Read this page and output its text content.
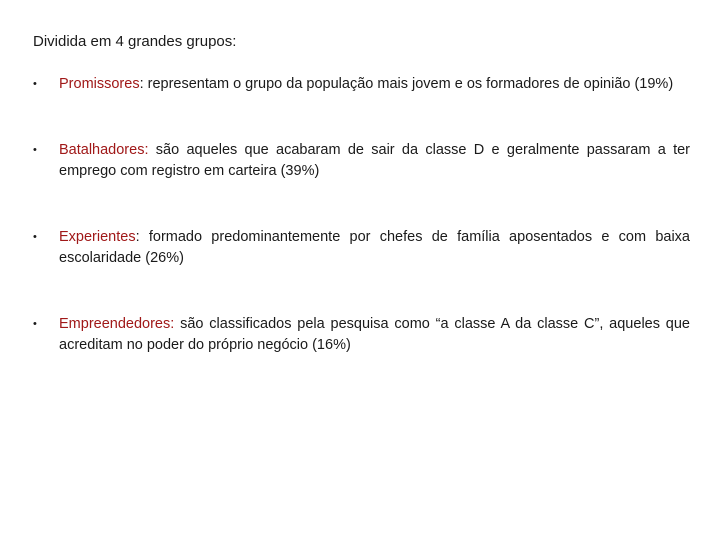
Dividida em 4 grandes grupos:
• Promissores: representam o grupo da população mais jovem e os formadores de opinião (19%)
• Batalhadores: são aqueles que acabaram de sair da classe D e geralmente passaram a ter emprego com registro em carteira (39%)
• Experientes: formado predominantemente por chefes de família aposentados e com baixa escolaridade (26%)
• Empreendedores: são classificados pela pesquisa como “a classe A da classe C”, aqueles que acreditam no poder do próprio negócio (16%)
